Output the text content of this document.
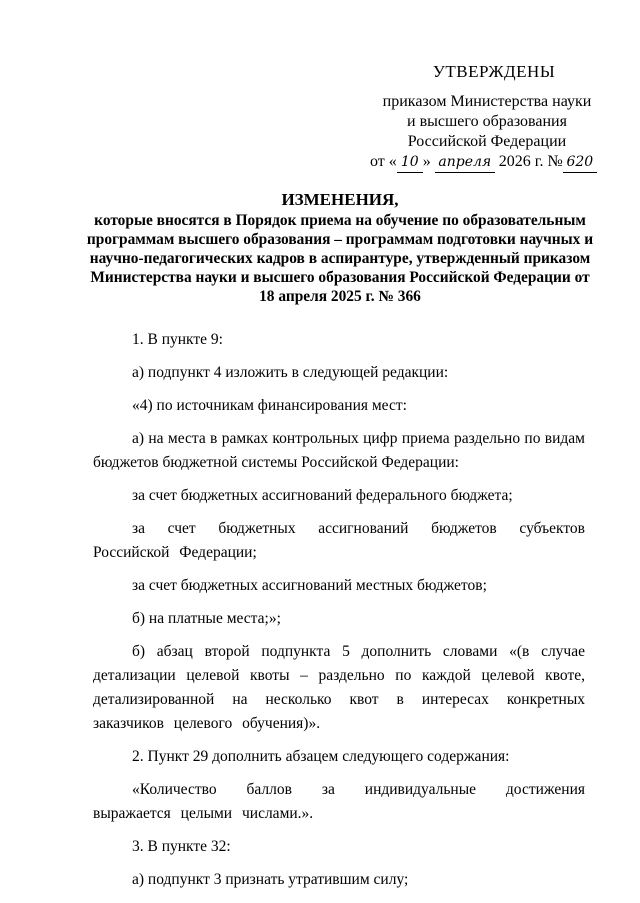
УТВЕРЖДЕНЫ
приказом Министерства науки
и высшего образования
Российской Федерации
от « 10 » апреля 2026 г. № 620
ИЗМЕНЕНИЯ,
которые вносятся в Порядок приема на обучение по образовательным программам высшего образования – программам подготовки научных и научно-педагогических кадров в аспирантуре, утвержденный приказом Министерства науки и высшего образования Российской Федерации от 18 апреля 2025 г. № 366

1. В пункте 9:

а) подпункт 4 изложить в следующей редакции:

«4) по источникам финансирования мест:

а) на места в рамках контрольных цифр приема раздельно по видам бюджетов бюджетной системы Российской Федерации:

за счет бюджетных ассигнований федерального бюджета;

за счет бюджетных ассигнований бюджетов субъектов Российской Федерации;

за счет бюджетных ассигнований местных бюджетов;

б) на платные места;»;

б) абзац второй подпункта 5 дополнить словами «(в случае детализации целевой квоты – раздельно по каждой целевой квоте, детализированной на несколько квот в интересах конкретных заказчиков целевого обучения)».

2. Пункт 29 дополнить абзацем следующего содержания:

«Количество баллов за индивидуальные достижения выражается целыми числами.».

3. В пункте 32:

а) подпункт 3 признать утратившим силу;
